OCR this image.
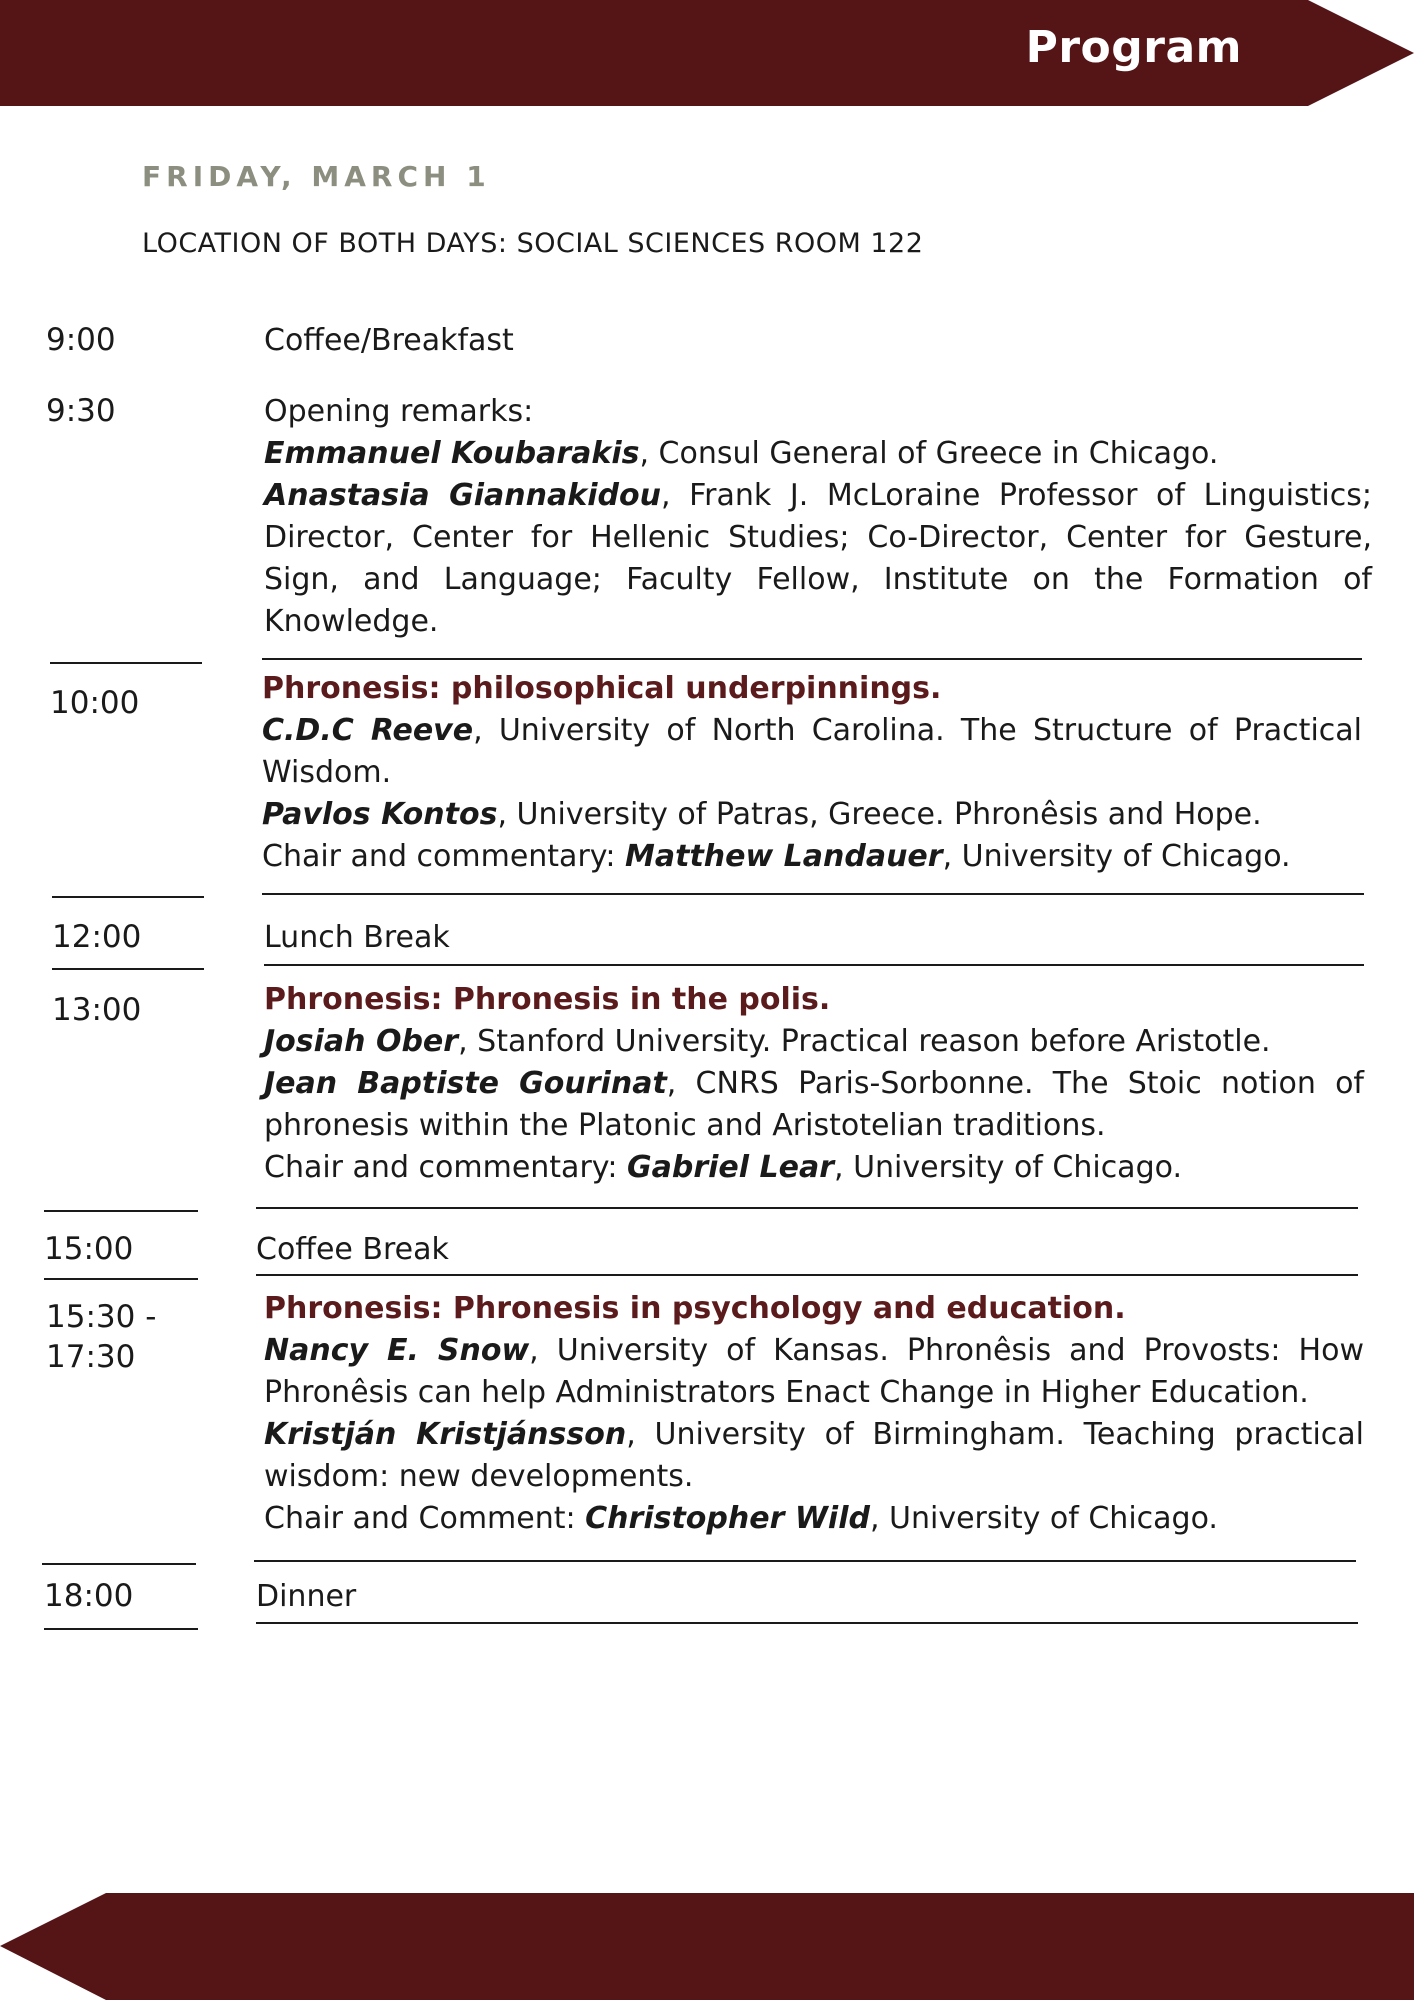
Program
FRIDAY, MARCH 1
LOCATION OF BOTH DAYS: SOCIAL SCIENCES ROOM 122
9:00	Coffee/Breakfast

9:30	Opening remarks:

Emmanuel Koubarakis, Consul General of Greece in Chicago.

Anastasia Giannakidou, Frank J. McLoraine Professor of Linguistics; Director, Center for Hellenic Studies; Co-Director, Center for Gesture, Sign, and Language; Faculty Fellow, Institute on the Formation of Knowledge.

10:00	Phronesis: philosophical underpinnings.

C.D.C Reeve, University of North Carolina. The Structure of Practical Wisdom.

Pavlos Kontos, University of Patras, Greece. Phronêsis and Hope.

Chair and commentary: Matthew Landauer, University of Chicago.

12:00	Lunch Break

13:00	Phronesis: Phronesis in the polis.

Josiah Ober, Stanford University. Practical reason before Aristotle.

Jean Baptiste Gourinat, CNRS Paris-Sorbonne. The Stoic notion of phronesis within the Platonic and Aristotelian traditions.

Chair and commentary: Gabriel Lear, University of Chicago.

15:00	Coffee Break

15:30 -
17:30

Phronesis: Phronesis in psychology and education.

Nancy E. Snow, University of Kansas. Phronêsis and Provosts: How Phronêsis can help Administrators Enact Change in Higher Education.

Kristján Kristjánsson, University of Birmingham. Teaching practical wisdom: new developments.

Chair and Comment: Christopher Wild, University of Chicago.

18:00	Dinner
